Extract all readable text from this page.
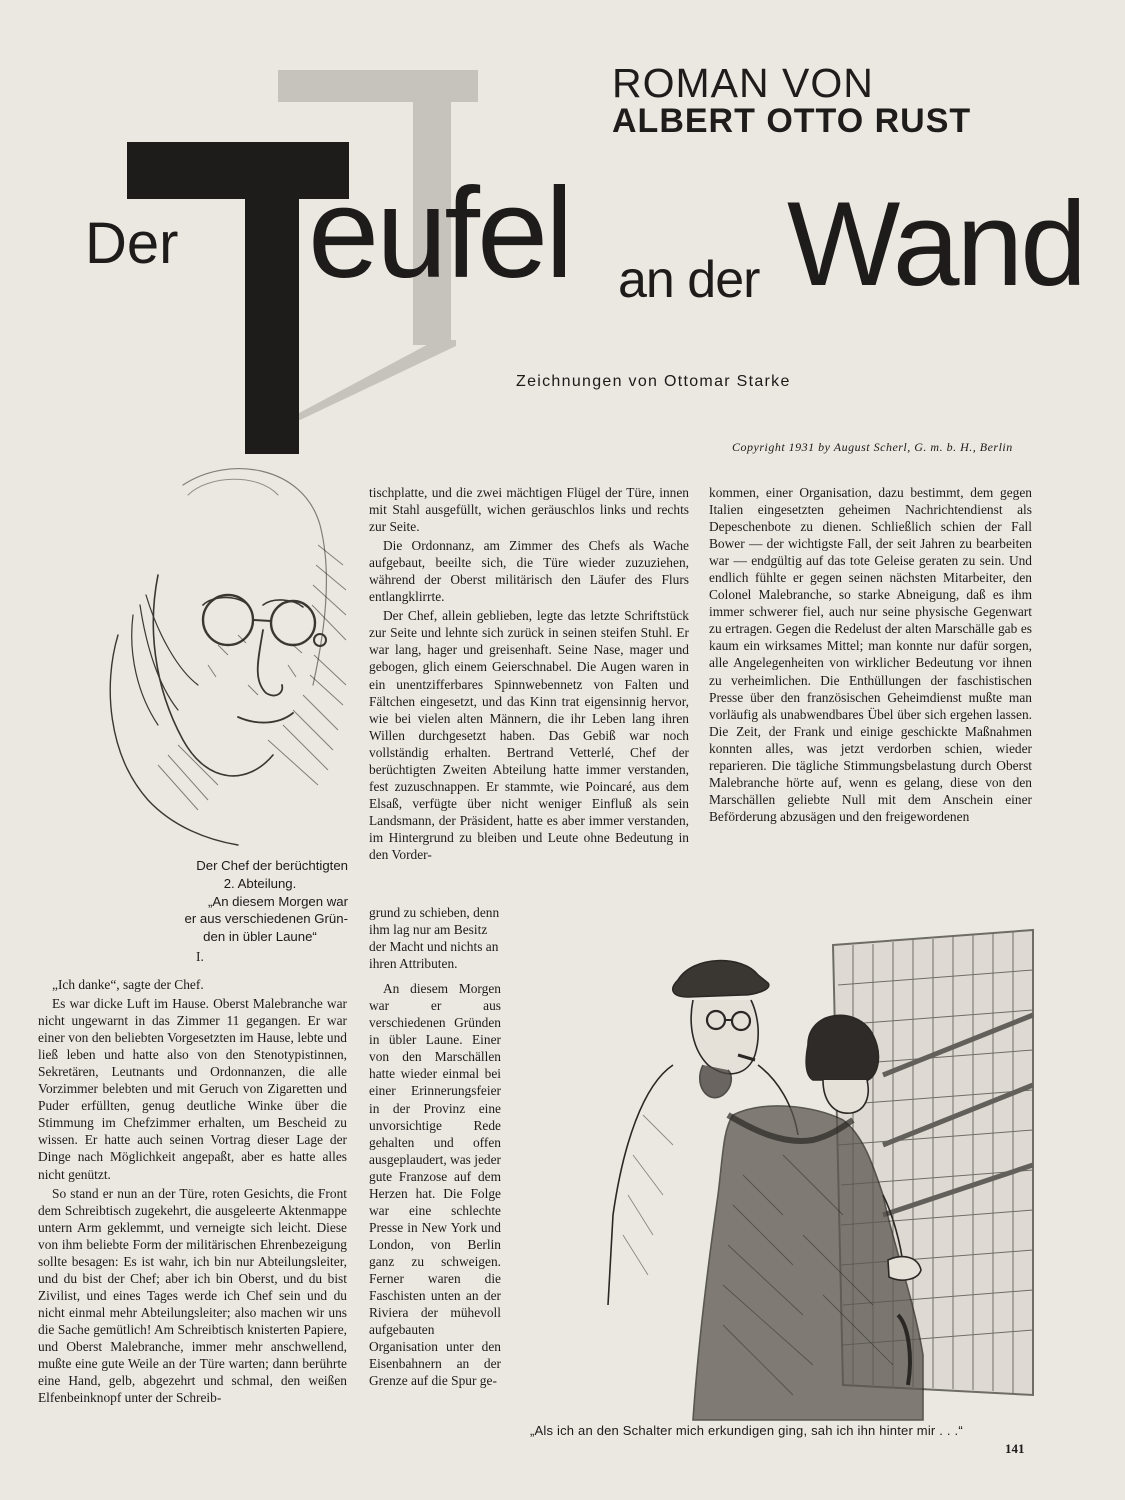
ROMAN VON
ALBERT OTTO RUST
Der eufel an der Wand
Zeichnungen von Ottomar Starke
Copyright 1931 by August Scherl, G. m. b. H., Berlin
Der Chef der berüchtigten
2. Abteilung.
„An diesem Morgen war
er aus verschiedenen Grün-
den in übler Laune“
I.

„Ich danke“, sagte der Chef.

Es war dicke Luft im Hause. Oberst Malebranche war nicht ungewarnt in das Zimmer 11 gegangen. Er war einer von den beliebten Vorgesetzten im Hause, lebte und ließ leben und hatte also von den Stenotypistinnen, Sekretären, Leutnants und Ordonnanzen, die alle Vorzimmer belebten und mit Geruch von Zigaretten und Puder erfüllten, genug deutliche Winke über die Stimmung im Chefzimmer erhalten, um Bescheid zu wissen. Er hatte auch seinen Vortrag dieser Lage der Dinge nach Möglichkeit angepaßt, aber es hatte alles nicht genützt.

So stand er nun an der Türe, roten Gesichts, die Front dem Schreibtisch zugekehrt, die ausgeleerte Aktenmappe untern Arm geklemmt, und verneigte sich leicht. Diese von ihm beliebte Form der militärischen Ehrenbezeigung sollte besagen: Es ist wahr, ich bin nur Abteilungsleiter, und du bist der Chef; aber ich bin Oberst, und du bist Zivilist, und eines Tages werde ich Chef sein und du nicht einmal mehr Abteilungsleiter; also machen wir uns die Sache gemütlich! Am Schreibtisch knisterten Papiere, und Oberst Malebranche, immer mehr anschwellend, mußte eine gute Weile an der Türe warten; dann berührte eine Hand, gelb, abgezehrt und schmal, den weißen Elfenbeinknopf unter der Schreib-

tischplatte, und die zwei mächtigen Flügel der Türe, innen mit Stahl ausgefüllt, wichen geräuschlos links und rechts zur Seite.

Die Ordonnanz, am Zimmer des Chefs als Wache aufgebaut, beeilte sich, die Türe wieder zuzuziehen, während der Oberst militärisch den Läufer des Flurs entlangklirrte.

Der Chef, allein geblieben, legte das letzte Schriftstück zur Seite und lehnte sich zurück in seinen steifen Stuhl. Er war lang, hager und greisenhaft. Seine Nase, mager und gebogen, glich einem Geierschnabel. Die Augen waren in ein unentzifferbares Spinnwebennetz von Falten und Fältchen eingesetzt, und das Kinn trat eigensinnig hervor, wie bei vielen alten Männern, die ihr Leben lang ihren Willen durchgesetzt haben. Das Gebiß war noch vollständig erhalten. Bertrand Vetterlé, Chef der berüchtigten Zweiten Abteilung hatte immer verstanden, fest zuzuschnappen. Er stammte, wie Poincaré, aus dem Elsaß, verfügte über nicht weniger Einfluß als sein Landsmann, der Präsident, hatte es aber immer verstanden, im Hintergrund zu bleiben und Leute ohne Bedeutung in den Vorder-

grund zu schieben, denn ihm lag nur am Besitz der Macht und nichts an ihren Attributen.

An diesem Morgen war er aus verschiedenen Gründen in übler Laune. Einer von den Marschällen hatte wieder einmal bei einer Erinnerungsfeier in der Provinz eine unvorsichtige Rede gehalten und offen ausgeplaudert, was jeder gute Franzose auf dem Herzen hat. Die Folge war eine schlechte Presse in New York und London, von Berlin ganz zu schweigen. Ferner waren die Faschisten unten an der Riviera der mühevoll aufgebauten Organisation unter den Eisenbahnern an der Grenze auf die Spur ge-

kommen, einer Organisation, dazu bestimmt, dem gegen Italien eingesetzten geheimen Nachrichtendienst als Depeschenbote zu dienen. Schließlich schien der Fall Bower — der wichtigste Fall, der seit Jahren zu bearbeiten war — endgültig auf das tote Geleise geraten zu sein. Und endlich fühlte er gegen seinen nächsten Mitarbeiter, den Colonel Malebranche, so starke Abneigung, daß es ihm immer schwerer fiel, auch nur seine physische Gegenwart zu ertragen. Gegen die Redelust der alten Marschälle gab es kaum ein wirksames Mittel; man konnte nur dafür sorgen, alle Angelegenheiten von wirklicher Bedeutung vor ihnen zu verheimlichen. Die Enthüllungen der faschistischen Presse über den französischen Geheimdienst mußte man vorläufig als unabwendbares Übel über sich ergehen lassen. Die Zeit, der Frank und einige geschickte Maßnahmen konnten alles, was jetzt verdorben schien, wieder reparieren. Die tägliche Stimmungsbelastung durch Oberst Malebranche hörte auf, wenn es gelang, diese von den Marschällen geliebte Null mit dem Anschein einer Beförderung abzusägen und den freigewordenen

„Als ich an den Schalter mich erkundigen ging, sah ich ihn hinter mir . . .“
141
